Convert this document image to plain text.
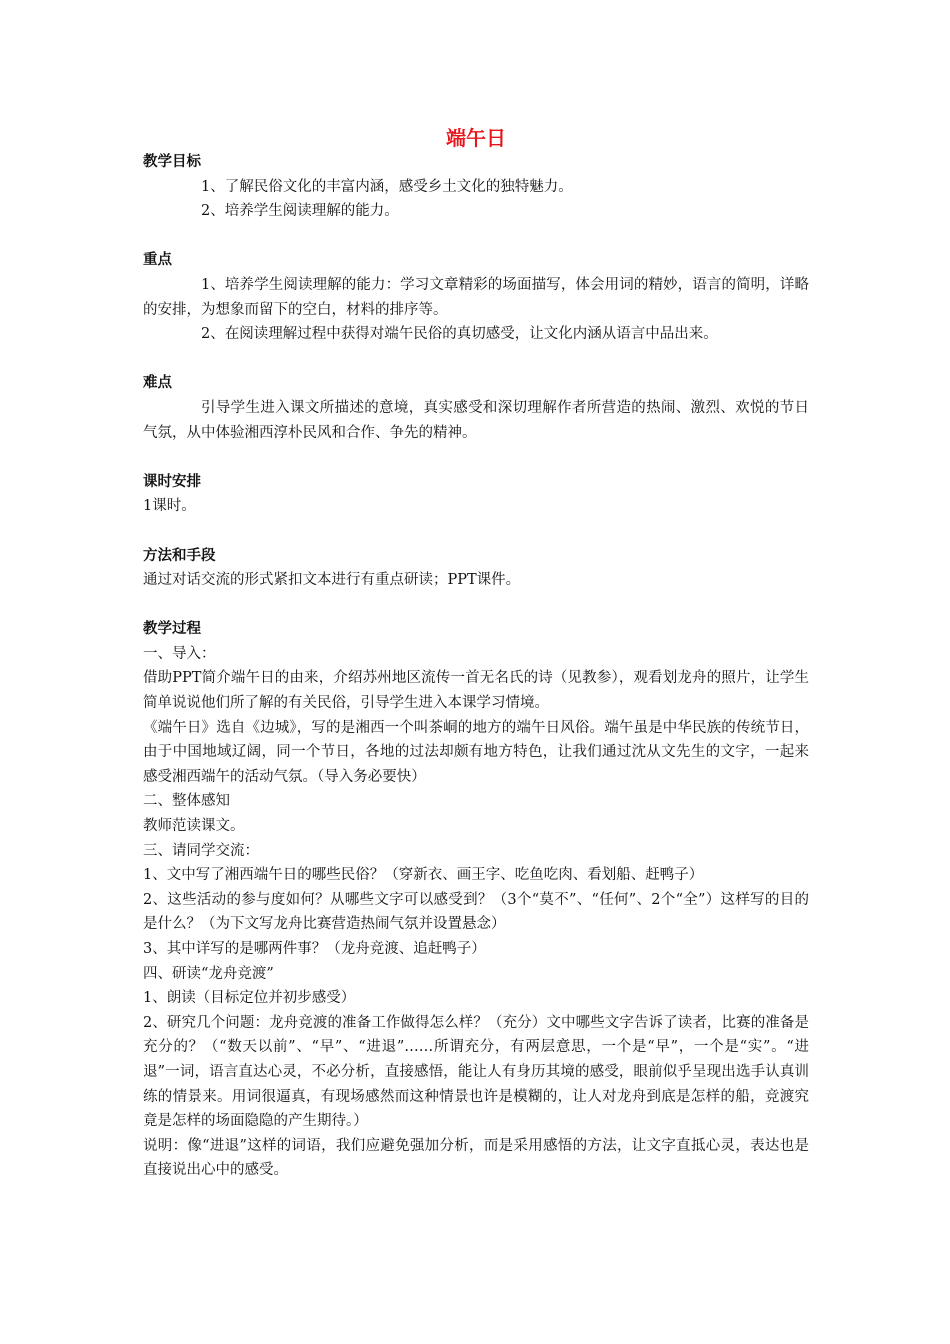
端午日

教学目标

1、了解民俗文化的丰富内涵，感受乡土文化的独特魅力。

2、培养学生阅读理解的能力。

重点

1、培养学生阅读理解的能力：学习文章精彩的场面描写，体会用词的精妙，语言的简明，详略的安排，为想象而留下的空白，材料的排序等。

2、在阅读理解过程中获得对端午民俗的真切感受，让文化内涵从语言中品出来。

难点

引导学生进入课文所描述的意境，真实感受和深切理解作者所营造的热闹、激烈、欢悦的节日气氛，从中体验湘西淳朴民风和合作、争先的精神。

课时安排

1课时。

方法和手段

通过对话交流的形式紧扣文本进行有重点研读；PPT课件。

教学过程

一、导入：

借助PPT简介端午日的由来，介绍苏州地区流传一首无名氏的诗（见教参），观看划龙舟的照片，让学生简单说说他们所了解的有关民俗，引导学生进入本课学习情境。

《端午日》选自《边城》，写的是湘西一个叫茶峒的地方的端午日风俗。端午虽是中华民族的传统节日，由于中国地域辽阔，同一个节日，各地的过法却颇有地方特色，让我们通过沈从文先生的文字，一起来感受湘西端午的活动气氛。（导入务必要快）

二、整体感知

教师范读课文。

三、请同学交流：

1、文中写了湘西端午日的哪些民俗？（穿新衣、画王字、吃鱼吃肉、看划船、赶鸭子）

2、这些活动的参与度如何？从哪些文字可以感受到？（3个“莫不”、“任何”、2个“全”）这样写的目的是什么？（为下文写龙舟比赛营造热闹气氛并设置悬念）

3、其中详写的是哪两件事？（龙舟竞渡、追赶鸭子）

四、研读“龙舟竞渡”

1、朗读（目标定位并初步感受）

2、研究几个问题：龙舟竞渡的准备工作做得怎么样？（充分）文中哪些文字告诉了读者，比赛的准备是充分的？（“数天以前”、“早”、“进退”……所谓充分，有两层意思，一个是“早”，一个是“实”。“进退”一词，语言直达心灵，不必分析，直接感悟，能让人有身历其境的感受，眼前似乎呈现出选手认真训练的情景来。用词很逼真，有现场感然而这种情景也许是模糊的，让人对龙舟到底是怎样的船，竞渡究竟是怎样的场面隐隐的产生期待。）

说明：像“进退”这样的词语，我们应避免强加分析，而是采用感悟的方法，让文字直抵心灵，表达也是直接说出心中的感受。
